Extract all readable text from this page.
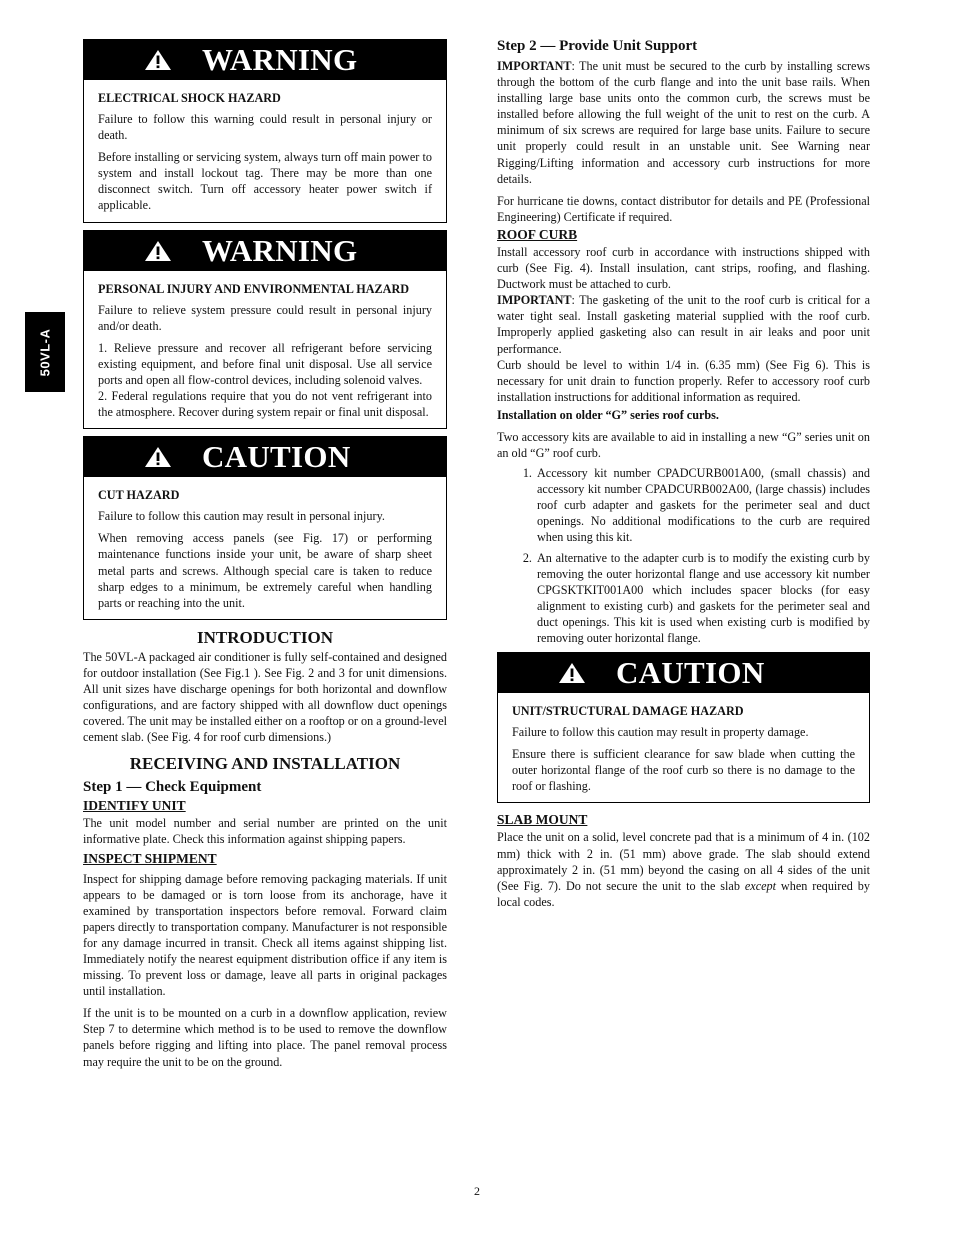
50VL-A
WARNING
ELECTRICAL SHOCK HAZARD

Failure to follow this warning could result in personal injury or death.

Before installing or servicing system, always turn off main power to system and install lockout tag. There may be more than one disconnect switch. Turn off accessory heater power switch if applicable.

WARNING
PERSONAL INJURY AND ENVIRONMENTAL HAZARD

Failure to relieve system pressure could result in personal injury and/or death.

1. Relieve pressure and recover all refrigerant before servicing existing equipment, and before final unit disposal. Use all service ports and open all flow-control devices, including solenoid valves.

2. Federal regulations require that you do not vent refrigerant into the atmosphere. Recover during system repair or final unit disposal.

CAUTION
CUT HAZARD

Failure to follow this caution may result in personal injury.

When removing access panels (see Fig. 17) or performing maintenance functions inside your unit, be aware of sharp sheet metal parts and screws. Although special care is taken to reduce sharp edges to a minimum, be extremely careful when handling parts or reaching into the unit.

INTRODUCTION

The 50VL-A packaged air conditioner is fully self-contained and designed for outdoor installation (See Fig.1 ). See Fig. 2 and 3 for unit dimensions. All unit sizes have discharge openings for both horizontal and downflow configurations, and are factory shipped with all downflow duct openings covered. The unit may be installed either on a rooftop or on a ground-level cement slab. (See Fig. 4 for roof curb dimensions.)

RECEIVING AND INSTALLATION
Step 1 — Check Equipment
IDENTIFY UNIT

The unit model number and serial number are printed on the unit informative plate. Check this information against shipping papers.

INSPECT SHIPMENT

Inspect for shipping damage before removing packaging materials. If unit appears to be damaged or is torn loose from its anchorage, have it examined by transportation inspectors before removal. Forward claim papers directly to transportation company. Manufacturer is not responsible for any damage incurred in transit. Check all items against shipping list. Immediately notify the nearest equipment distribution office if any item is missing. To prevent loss or damage, leave all parts in original packages until installation.

If the unit is to be mounted on a curb in a downflow application, review Step 7 to determine which method is to be used to remove the downflow panels before rigging and lifting into place. The panel removal process may require the unit to be on the ground.

Step 2 — Provide Unit Support

IMPORTANT: The unit must be secured to the curb by installing screws through the bottom of the curb flange and into the unit base rails. When installing large base units onto the common curb, the screws must be installed before allowing the full weight of the unit to rest on the curb. A minimum of six screws are required for large base units. Failure to secure unit properly could result in an unstable unit. See Warning near Rigging/Lifting information and accessory curb instructions for more details.

For hurricane tie downs, contact distributor for details and PE (Professional Engineering) Certificate if required.

ROOF CURB

Install accessory roof curb in accordance with instructions shipped with curb (See Fig. 4). Install insulation, cant strips, roofing, and flashing. Ductwork must be attached to curb.

IMPORTANT: The gasketing of the unit to the roof curb is critical for a water tight seal. Install gasketing material supplied with the roof curb. Improperly applied gasketing also can result in air leaks and poor unit performance.

Curb should be level to within 1/4 in. (6.35 mm) (See Fig 6). This is necessary for unit drain to function properly. Refer to accessory roof curb installation instructions for additional information as required.

Installation on older “G” series roof curbs.

Two accessory kits are available to aid in installing a new “G” series unit on an old “G” roof curb.

1. Accessory kit number CPADCURB001A00, (small chassis) and accessory kit number CPADCURB002A00, (large chassis) includes roof curb adapter and gaskets for the perimeter seal and duct openings. No additional modifications to the curb are required when using this kit.
2. An alternative to the adapter curb is to modify the existing curb by removing the outer horizontal flange and use accessory kit number CPGSKTKIT001A00 which includes spacer blocks (for easy alignment to existing curb) and gaskets for the perimeter seal and duct openings. This kit is used when existing curb is modified by removing outer horizontal flange.
CAUTION
UNIT/STRUCTURAL DAMAGE HAZARD

Failure to follow this caution may result in property damage.

Ensure there is sufficient clearance for saw blade when cutting the outer horizontal flange of the roof curb so there is no damage to the roof or flashing.

SLAB MOUNT

Place the unit on a solid, level concrete pad that is a minimum of 4 in. (102 mm) thick with 2 in. (51 mm) above grade. The slab should extend approximately 2 in. (51 mm) beyond the casing on all 4 sides of the unit (See Fig. 7). Do not secure the unit to the slab except when required by local codes.

2
